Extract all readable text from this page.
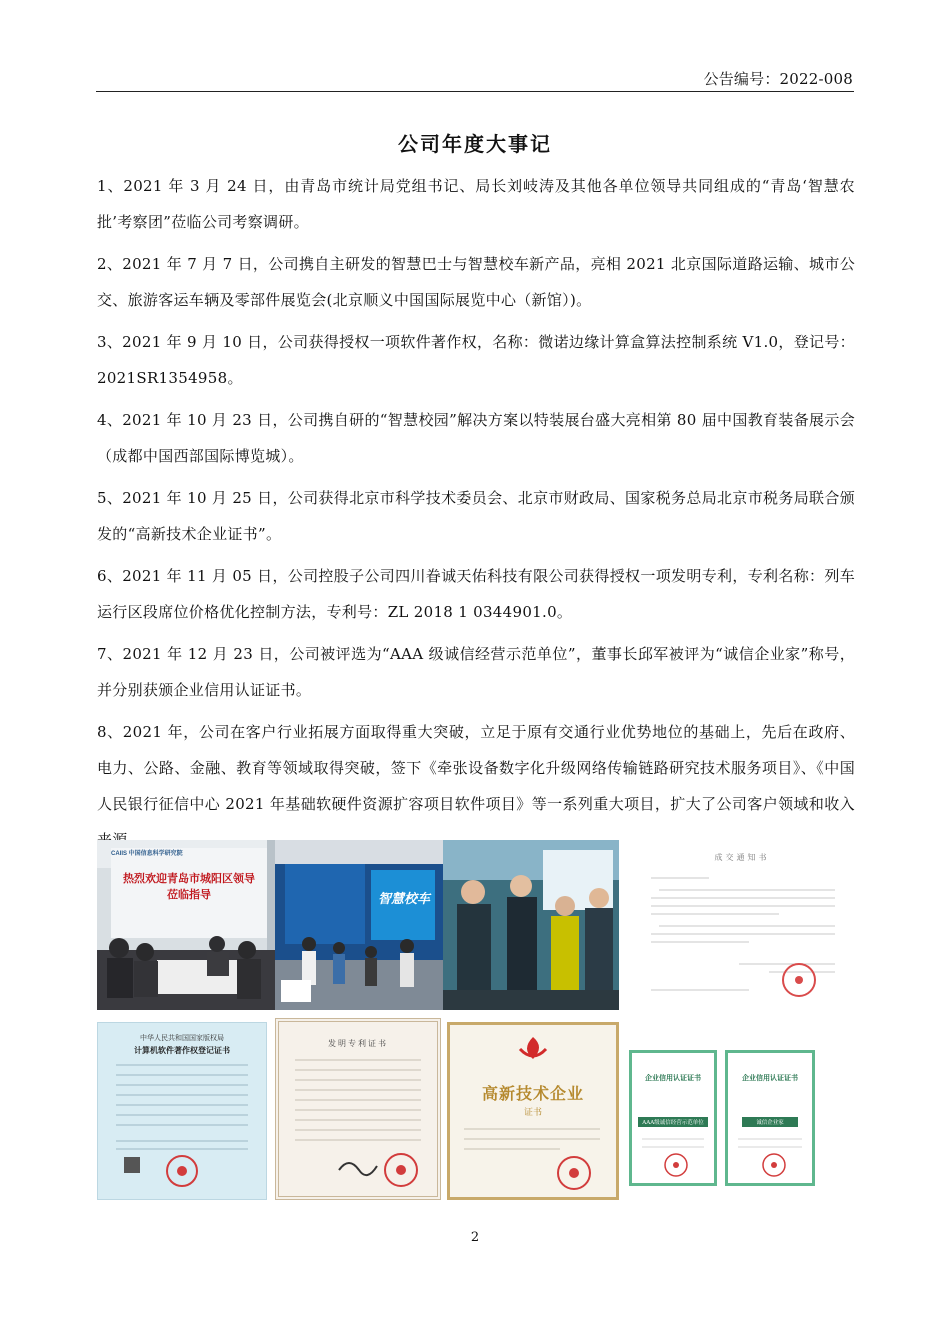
公告编号：2022-008
公司年度大事记

1、2021 年 3 月 24 日，由青岛市统计局党组书记、局长刘岐涛及其他各单位领导共同组成的“青岛‘智慧农批’考察团”莅临公司考察调研。

2、2021 年 7 月 7 日，公司携自主研发的智慧巴士与智慧校车新产品，亮相 2021 北京国际道路运输、城市公交、旅游客运车辆及零部件展览会(北京顺义中国国际展览中心（新馆）)。

3、2021 年 9 月 10 日，公司获得授权一项软件著作权，名称：微诺边缘计算盒算法控制系统 V1.0，登记号：2021SR1354958。

4、2021 年 10 月 23 日，公司携自研的“智慧校园”解决方案以特装展台盛大亮相第 80 届中国教育装备展示会（成都中国西部国际博览城）。

5、2021 年 10 月 25 日，公司获得北京市科学技术委员会、北京市财政局、国家税务总局北京市税务局联合颁发的“高新技术企业证书”。

6、2021 年 11 月 05 日，公司控股子公司四川眷诚天佑科技有限公司获得授权一项发明专利，专利名称：列车运行区段席位价格优化控制方法，专利号：ZL 2018 1 0344901.0。

7、2021 年 12 月 23 日，公司被评选为“AAA 级诚信经营示范单位”，董事长邱军被评为“诚信企业家”称号，并分别获颁企业信用认证证书。

8、2021 年，公司在客户行业拓展方面取得重大突破，立足于原有交通行业优势地位的基础上，先后在政府、电力、公路、金融、教育等领域取得突破，签下《牵张设备数字化升级网络传输链路研究技术服务项目》、《中国人民银行征信中心 2021 年基础软硬件资源扩容项目软件项目》等一系列重大项目，扩大了公司客户领域和收入

CAIIS 中国信息科学研究院
热烈欢迎青岛市城阳区领导莅临指导	智慧校车
成交通知书
中华人民共和国国家版权局
计算机软件著作权登记证书
发明专利证书
高新技术企业
证书
企业信用认证证书
AAA级诚信经营示范单位
企业信用认证证书
诚信企业家
2
